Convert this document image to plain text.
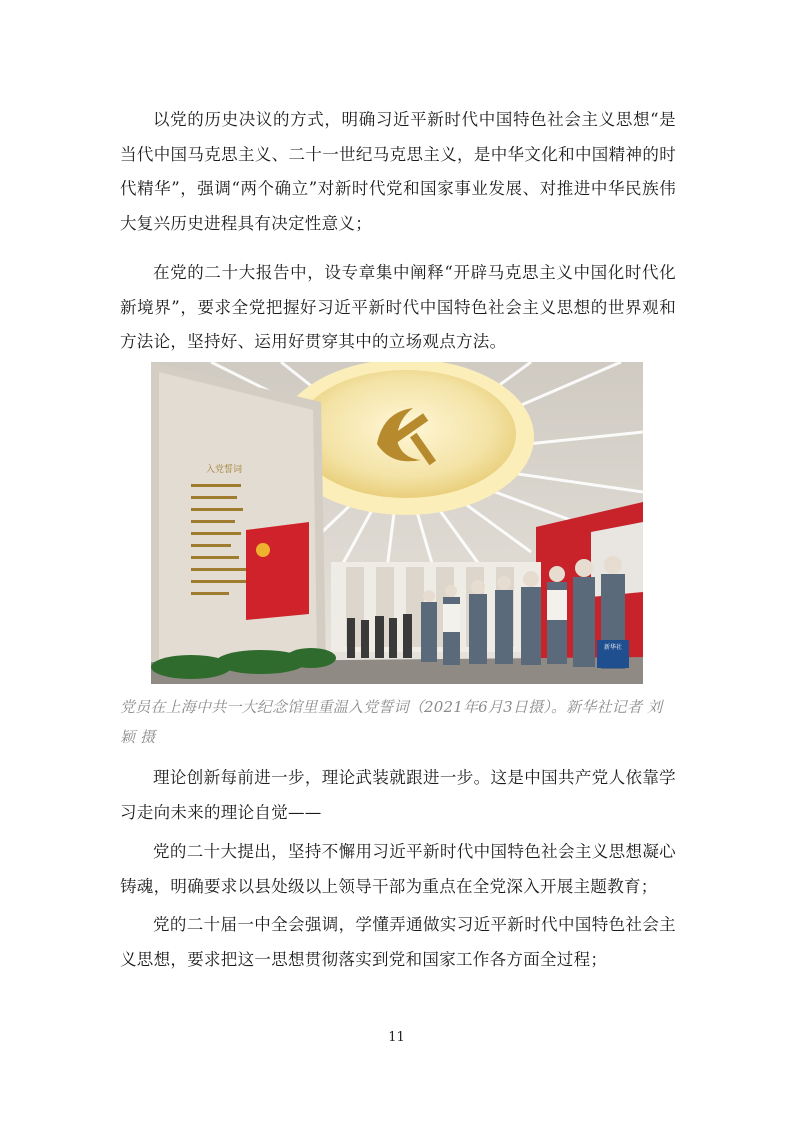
以党的历史决议的方式，明确习近平新时代中国特色社会主义思想“是当代中国马克思主义、二十一世纪马克思主义，是中华文化和中国精神的时代精华”，强调“两个确立”对新时代党和国家事业发展、对推进中华民族伟大复兴历史进程具有决定性意义；

在党的二十大报告中，设专章集中阐释“开辟马克思主义中国化时代化新境界”，要求全党把握好习近平新时代中国特色社会主义思想的世界观和方法论，坚持好、运用好贯穿其中的立场观点方法。

入党誓词
新华社

党员在上海中共一大纪念馆里重温入党誓词（2021年6月3日摄）。新华社记者 刘颖 摄

理论创新每前进一步，理论武装就跟进一步。这是中国共产党人依靠学习走向未来的理论自觉——

党的二十大提出，坚持不懈用习近平新时代中国特色社会主义思想凝心铸魂，明确要求以县处级以上领导干部为重点在全党深入开展主题教育；

党的二十届一中全会强调，学懂弄通做实习近平新时代中国特色社会主义思想，要求把这一思想贯彻落实到党和国家工作各方面全过程；

11
